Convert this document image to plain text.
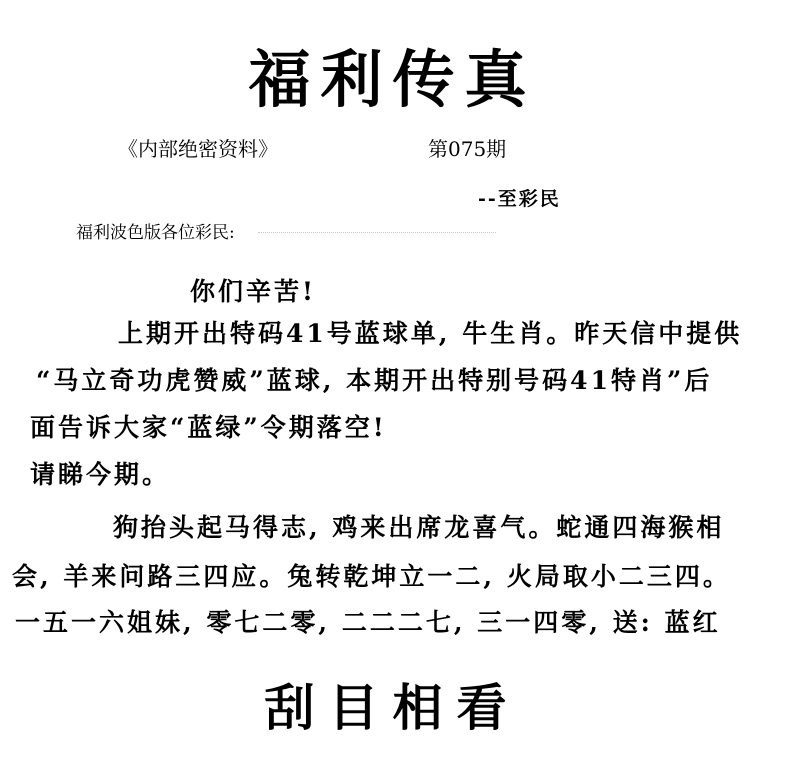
福利传真
《内部绝密资料》	第075期
--至彩民
福利波色版各位彩民:
你们辛苦!
上期开出特码41号蓝球单, 牛生肖。昨天信中提供
“马立奇功虎赞威”蓝球, 本期开出特别号码41特肖”后
面告诉大家“蓝绿”令期落空!
请睇今期。
狗抬头起马得志, 鸡来出席龙喜气。蛇通四海猴相
会, 羊来问路三四应。兔转乾坤立一二, 火局取小二三四。
一五一六姐妹, 零七二零, 二二二七, 三一四零, 送: 蓝红
刮目相看
